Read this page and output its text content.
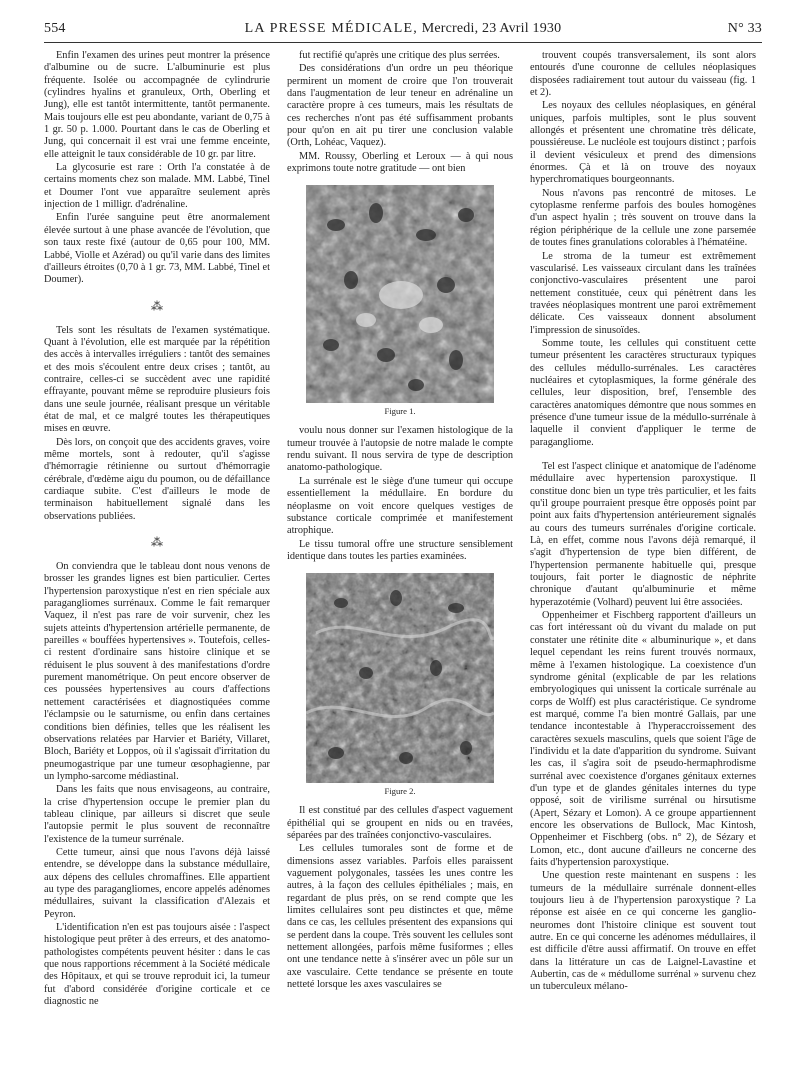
554	LA PRESSE MÉDICALE, Mercredi, 23 Avril 1930	N° 33

Enfin l'examen des urines peut montrer la présence d'albumine ou de sucre. L'albuminurie est plus fréquente. Isolée ou accompagnée de cylindrurie (cylindres hyalins et granuleux, Orth, Oberling et Jung), elle est tantôt intermittente, tantôt permanente. Mais toujours elle est peu abondante, variant de 0,75 à 1 gr. 50 p. 1.000. Pourtant dans le cas de Oberling et Jung, qui concernait il est vrai une femme enceinte, elle atteignit le taux considérable de 10 gr. par litre.

La glycosurie est rare : Orth l'a constatée à de certains moments chez son malade. MM. Labbé, Tinel et Doumer l'ont vue apparaître seulement après injection de 1 milligr. d'adrénaline.

Enfin l'urée sanguine peut être anormalement élevée surtout à une phase avancée de l'évolution, que son taux reste fixé (autour de 0,65 pour 100, MM. Labbé, Violle et Azérad) ou qu'il varie dans des limites d'ailleurs étroites (0,70 à 1 gr. 73, MM. Labbé, Tinel et Doumer).

⁂

Tels sont les résultats de l'examen systématique. Quant à l'évolution, elle est marquée par la répétition des accès à intervalles irréguliers : tantôt des semaines et des mois s'écoulent entre deux crises ; tantôt, au contraire, celles-ci se succèdent avec une rapidité effrayante, pouvant même se reproduire plusieurs fois dans une seule journée, réalisant presque un véritable état de mal, et ce malgré toutes les thérapeutiques mises en œuvre.

Dès lors, on conçoit que des accidents graves, voire même mortels, sont à redouter, qu'il s'agisse d'hémorragie rétinienne ou surtout d'hémorragie cérébrale, d'œdème aigu du poumon, ou de défaillance cardiaque subite. C'est d'ailleurs le mode de terminaison habituellement signalé dans les observations publiées.

⁂

On conviendra que le tableau dont nous venons de brosser les grandes lignes est bien particulier. Certes l'hypertension paroxystique n'est en rien spéciale aux paragangliomes surrénaux. Comme le fait remarquer Vaquez, il n'est pas rare de voir survenir, chez les sujets atteints d'hypertension artérielle permanente, de pareilles « bouffées hypertensives ». Toutefois, celles-ci restent d'ordinaire sans histoire clinique et se réduisent le plus souvent à des manifestations d'ordre purement manométrique. On peut encore observer de ces poussées hypertensives au cours d'affections nettement caractérisées et diagnostiquées comme l'éclampsie ou le saturnisme, ou enfin dans certaines conditions bien définies, telles que les réalisent les observations relatées par Harvier et Bariéty, Villaret, Bloch, Bariéty et Loppos, où il s'agissait d'irritation du pneumogastrique par une tumeur œsophagienne, par un lympho-sarcome médiastinal.

Dans les faits que nous envisageons, au contraire, la crise d'hypertension occupe le premier plan du tableau clinique, par ailleurs si discret que seule l'autopsie permit le plus souvent de reconnaître l'existence de la tumeur surrénale.

Cette tumeur, ainsi que nous l'avons déjà laissé entendre, se développe dans la substance médullaire, aux dépens des cellules chromaffines. Elle appartient au type des paragangliomes, encore appelés adénomes médullaires, suivant la classification d'Alezais et Peyron.

L'identification n'en est pas toujours aisée : l'aspect histologique peut prêter à des erreurs, et des anatomo-pathologistes compétents peuvent hésiter : dans le cas que nous rapportions récemment à la Société médicale des Hôpitaux, et qui se trouve reproduit ici, la tumeur fut d'abord considérée d'origine corticale et ce diagnostic ne

fut rectifié qu'après une critique des plus serrées.

Des considérations d'un ordre un peu théorique permirent un moment de croire que l'on trouverait dans l'augmentation de leur teneur en adrénaline un caractère propre à ces tumeurs, mais les résultats de ces recherches n'ont pas été suffisamment probants pour qu'on en ait pu tirer une conclusion valable (Orth, Lohéac, Vaquez).

MM. Roussy, Oberling et Leroux — à qui nous exprimons toute notre gratitude — ont bien

Figure 1.

voulu nous donner sur l'examen histologique de la tumeur trouvée à l'autopsie de notre malade le compte rendu suivant. Il nous servira de type de description anatomo-pathologique.

La surrénale est le siège d'une tumeur qui occupe essentiellement la médullaire. En bordure du néoplasme on voit encore quelques vestiges de substance corticale comprimée et manifestement atrophique.

Le tissu tumoral offre une structure sensiblement identique dans toutes les parties examinées.

Figure 2.

Il est constitué par des cellules d'aspect vaguement épithélial qui se groupent en nids ou en travées, séparées par des traînées conjonctivo-vasculaires.

Les cellules tumorales sont de forme et de dimensions assez variables. Parfois elles paraissent vaguement polygonales, tassées les unes contre les autres, à la façon des cellules épithéliales ; mais, en regardant de plus près, on se rend compte que les limites cellulaires sont peu distinctes et que, même dans ce cas, les cellules présentent des expansions qui se perdent dans la coupe. Très souvent les cellules sont nettement allongées, parfois même fusiformes ; elles ont une tendance nette à s'insérer avec un pôle sur un axe vasculaire. Cette tendance se présente en toute netteté lorsque les axes vasculaires se

trouvent coupés transversalement, ils sont alors entourés d'une couronne de cellules néoplasiques disposées radiairement tout autour du vaisseau (fig. 1 et 2).

Les noyaux des cellules néoplasiques, en général uniques, parfois multiples, sont le plus souvent allongés et présentent une chromatine très délicate, poussiéreuse. Le nucléole est toujours distinct ; parfois il devient vésiculeux et prend des dimensions énormes. Çà et là on trouve des noyaux hyperchromatiques bourgeonnants.

Nous n'avons pas rencontré de mitoses. Le cytoplasme renferme parfois des boules homogènes d'un aspect hyalin ; très souvent on trouve dans la région périphérique de la cellule une zone parsemée de toutes fines granulations colorables à l'hématéine.

Le stroma de la tumeur est extrêmement vascularisé. Les vaisseaux circulant dans les traînées conjonctivo-vasculaires présentent une paroi nettement constituée, ceux qui pénètrent dans les travées néoplasiques montrent une paroi extrêmement délicate. Ces vaisseaux donnent absolument l'impression de sinusoïdes.

Somme toute, les cellules qui constituent cette tumeur présentent les caractères structuraux typiques des cellules médullo-surrénales. Les caractères nucléaires et cytoplasmiques, la forme générale des cellules, leur disposition, bref, l'ensemble des caractères anatomiques démontre que nous sommes en présence d'une tumeur issue de la médullo-surrénale à laquelle il convient d'appliquer le terme de paragangliome.

Tel est l'aspect clinique et anatomique de l'adénome médullaire avec hypertension paroxystique. Il constitue donc bien un type très particulier, et les faits qu'il groupe pourraient presque être opposés point par point aux faits d'hypertension antérieurement signalés au cours des tumeurs surrénales d'origine corticale. Là, en effet, comme nous l'avons déjà remarqué, il s'agit d'hypertension de type bien différent, de l'hypertension permanente habituelle qui, presque toujours, fait porter le diagnostic de néphrite chronique d'autant qu'albuminurie et même hyperazotémie (Volhard) peuvent lui être associées.

Oppenheimer et Fischberg rapportent d'ailleurs un cas fort intéressant où du vivant du malade on put constater une rétinite dite « albuminurique », et dans lequel cependant les reins furent trouvés normaux, même à l'examen histologique. La coexistence d'un syndrome génital (explicable de par les relations embryologiques qui unissent la corticale surrénale au corps de Wolff) est plus caractéristique. Ce syndrome est marqué, comme l'a bien montré Gallais, par une tendance incontestable à l'hyperaccroissement des caractères sexuels masculins, quels que soient l'âge de l'individu et la date d'apparition du syndrome. Suivant les cas, il s'agira soit de pseudo-hermaphrodisme surrénal avec coexistence d'organes génitaux externes d'un type et de glandes génitales internes du type opposé, soit de virilisme surrénal ou hirsutisme (Apert, Sézary et Lomon). A ce groupe appartiennent encore les observations de Bullock, Mac Kintosh, Oppenheimer et Fischberg (obs. n° 2), de Sézary et Lomon, etc., dont aucune d'ailleurs ne concerne des faits d'hypertension paroxystique.

Une question reste maintenant en suspens : les tumeurs de la médullaire surrénale donnent-elles toujours lieu à de l'hypertension paroxystique ? La réponse est aisée en ce qui concerne les ganglio-neuromes dont l'histoire clinique est souvent tout autre. En ce qui concerne les adénomes médullaires, il est difficile d'être aussi affirmatif. On trouve en effet dans la littérature un cas de Laignel-Lavastine et Aubertin, cas de « médullome surrénal » survenu chez un tuberculeux mélano-
